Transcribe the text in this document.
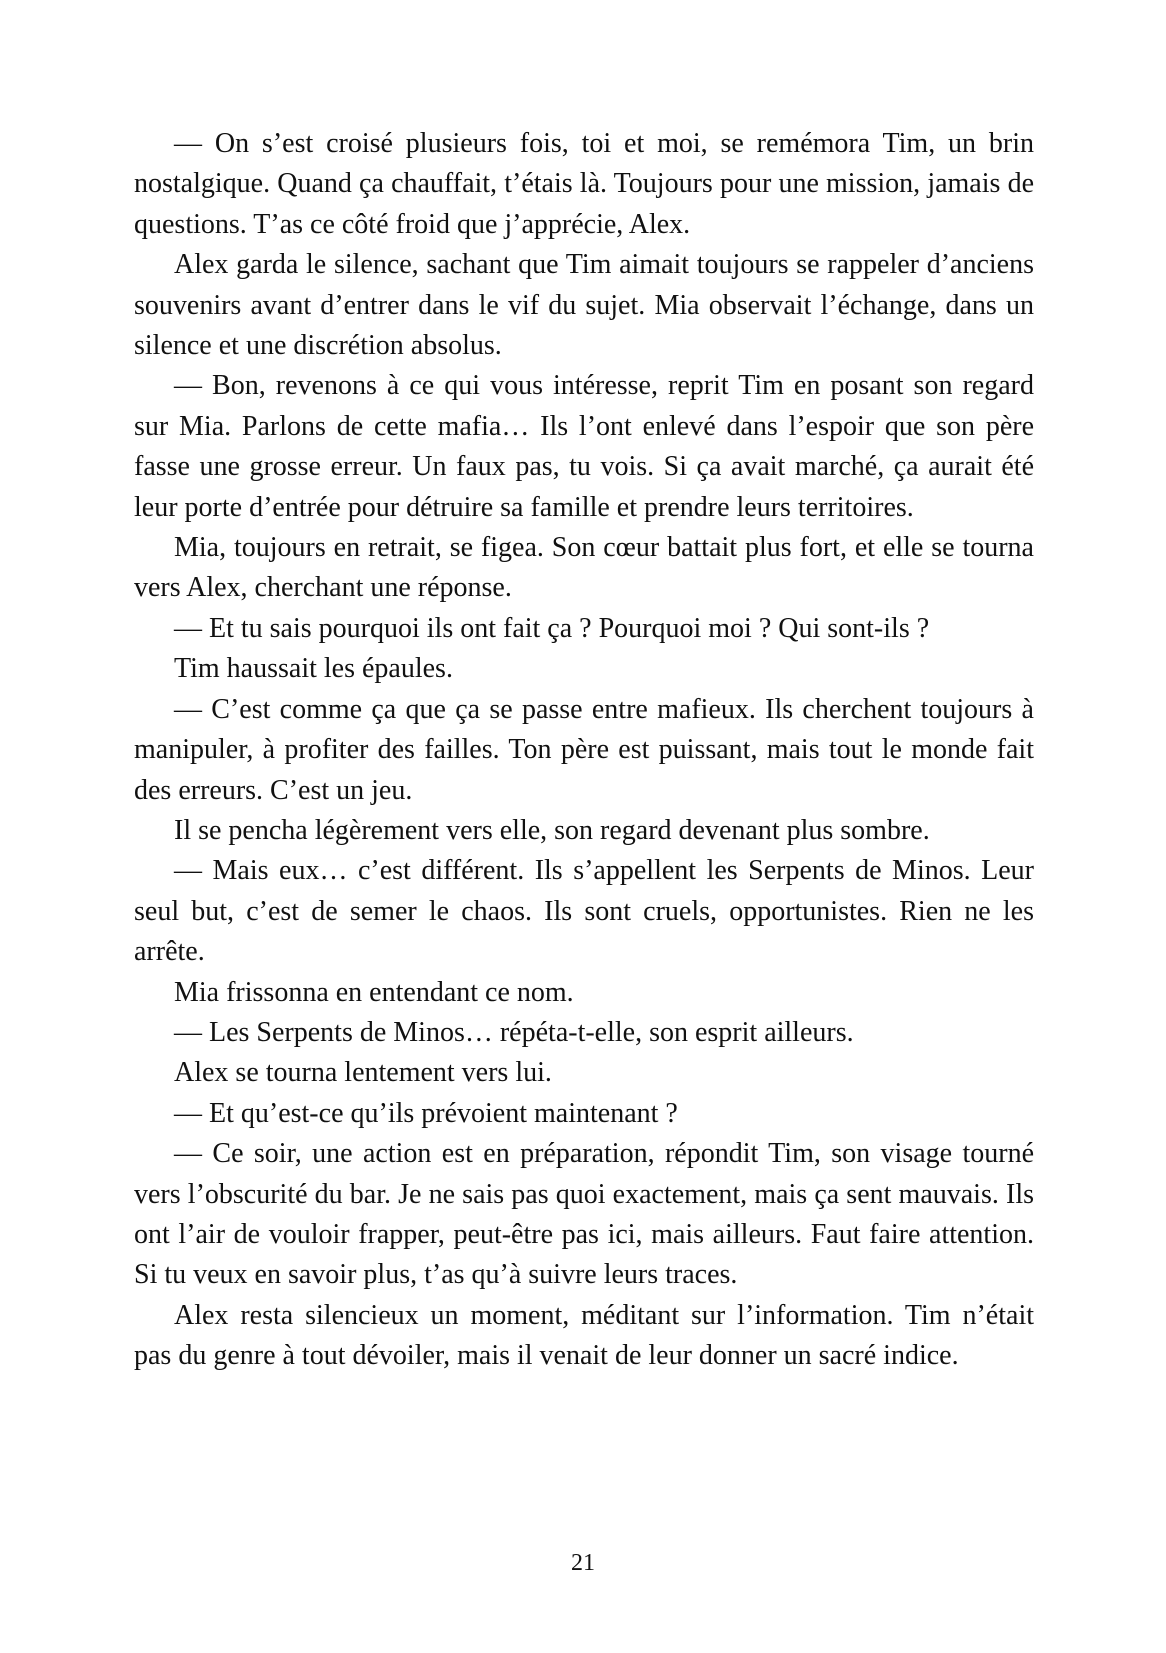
— On s’est croisé plusieurs fois, toi et moi, se remémora Tim, un brin nostalgique. Quand ça chauffait, t’étais là. Toujours pour une mission, jamais de questions. T’as ce côté froid que j’apprécie, Alex.

Alex garda le silence, sachant que Tim aimait toujours se rappeler d’anciens souvenirs avant d’entrer dans le vif du sujet. Mia observait l’échange, dans un silence et une discrétion absolus.

— Bon, revenons à ce qui vous intéresse, reprit Tim en posant son regard sur Mia. Parlons de cette mafia… Ils l’ont enlevé dans l’espoir que son père fasse une grosse erreur. Un faux pas, tu vois. Si ça avait marché, ça aurait été leur porte d’entrée pour détruire sa famille et prendre leurs territoires.

Mia, toujours en retrait, se figea. Son cœur battait plus fort, et elle se tourna vers Alex, cherchant une réponse.

— Et tu sais pourquoi ils ont fait ça ? Pourquoi moi ? Qui sont-ils ?

Tim haussait les épaules.

— C’est comme ça que ça se passe entre mafieux. Ils cherchent toujours à manipuler, à profiter des failles. Ton père est puissant, mais tout le monde fait des erreurs. C’est un jeu.

Il se pencha légèrement vers elle, son regard devenant plus sombre.

— Mais eux… c’est différent. Ils s’appellent les Serpents de Minos. Leur seul but, c’est de semer le chaos. Ils sont cruels, opportunistes. Rien ne les arrête.

Mia frissonna en entendant ce nom.

— Les Serpents de Minos… répéta-t-elle, son esprit ailleurs.

Alex se tourna lentement vers lui.

— Et qu’est-ce qu’ils prévoient maintenant ?

— Ce soir, une action est en préparation, répondit Tim, son visage tourné vers l’obscurité du bar. Je ne sais pas quoi exactement, mais ça sent mauvais. Ils ont l’air de vouloir frapper, peut-être pas ici, mais ailleurs. Faut faire attention. Si tu veux en savoir plus, t’as qu’à suivre leurs traces.

Alex resta silencieux un moment, méditant sur l’information. Tim n’était pas du genre à tout dévoiler, mais il venait de leur donner un sacré indice.

21
